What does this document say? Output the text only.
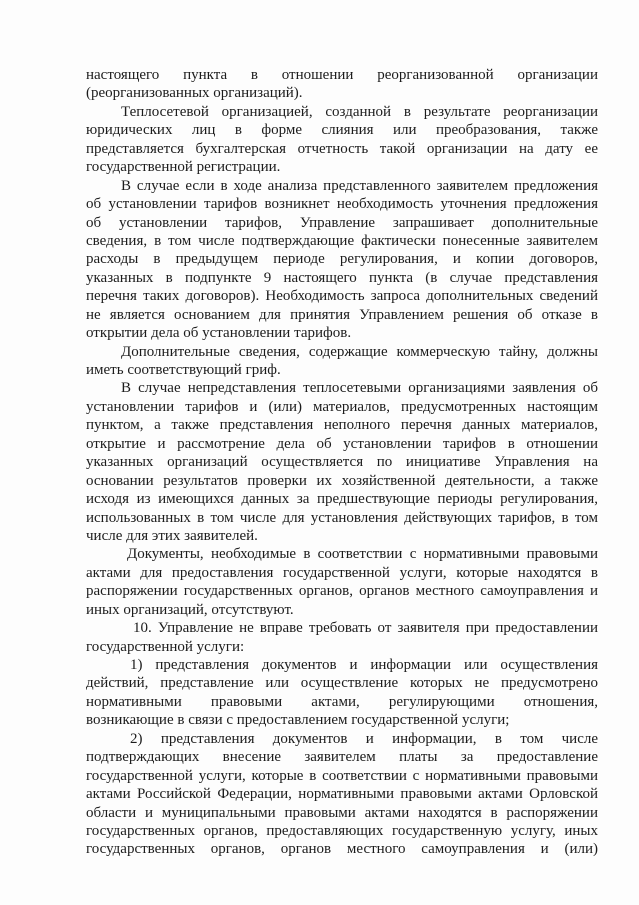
настоящего пункта в отношении реорганизованной организации
(реорганизованных организаций).
Теплосетевой организацией, созданной в результате реорганизации
юридических лиц в форме слияния или преобразования, также
представляется бухгалтерская отчетность такой организации на дату ее
государственной регистрации.
В случае если в ходе анализа представленного заявителем предложения
об установлении тарифов возникнет необходимость уточнения предложения
об установлении тарифов, Управление запрашивает дополнительные
сведения, в том числе подтверждающие фактически понесенные заявителем
расходы в предыдущем периоде регулирования, и копии договоров,
указанных в подпункте 9 настоящего пункта (в случае представления
перечня таких договоров). Необходимость запроса дополнительных сведений
не является основанием для принятия Управлением решения об отказе в
открытии дела об установлении тарифов.
Дополнительные сведения, содержащие коммерческую тайну, должны
иметь соответствующий гриф.
В случае непредставления теплосетевыми организациями заявления об
установлении тарифов и (или) материалов, предусмотренных настоящим
пунктом, а также представления неполного перечня данных материалов,
открытие и рассмотрение дела об установлении тарифов в отношении
указанных организаций осуществляется по инициативе Управления на
основании результатов проверки их хозяйственной деятельности, а также
исходя из имеющихся данных за предшествующие периоды регулирования,
использованных в том числе для установления действующих тарифов, в том
числе для этих заявителей.
Документы, необходимые в соответствии с нормативными правовыми
актами для предоставления государственной услуги, которые находятся в
распоряжении государственных органов, органов местного самоуправления и
иных организаций, отсутствуют.
10. Управление не вправе требовать от заявителя при предоставлении
государственной услуги:
1) представления документов и информации или осуществления
действий, представление или осуществление которых не предусмотрено
нормативными правовыми актами, регулирующими отношения,
возникающие в связи с предоставлением государственной услуги;
2) представления документов и информации, в том числе
подтверждающих внесение заявителем платы за предоставление
государственной услуги, которые в соответствии с нормативными правовыми
актами Российской Федерации, нормативными правовыми актами Орловской
области и муниципальными правовыми актами находятся в распоряжении
государственных органов, предоставляющих государственную услугу, иных
государственных органов, органов местного самоуправления и (или)
